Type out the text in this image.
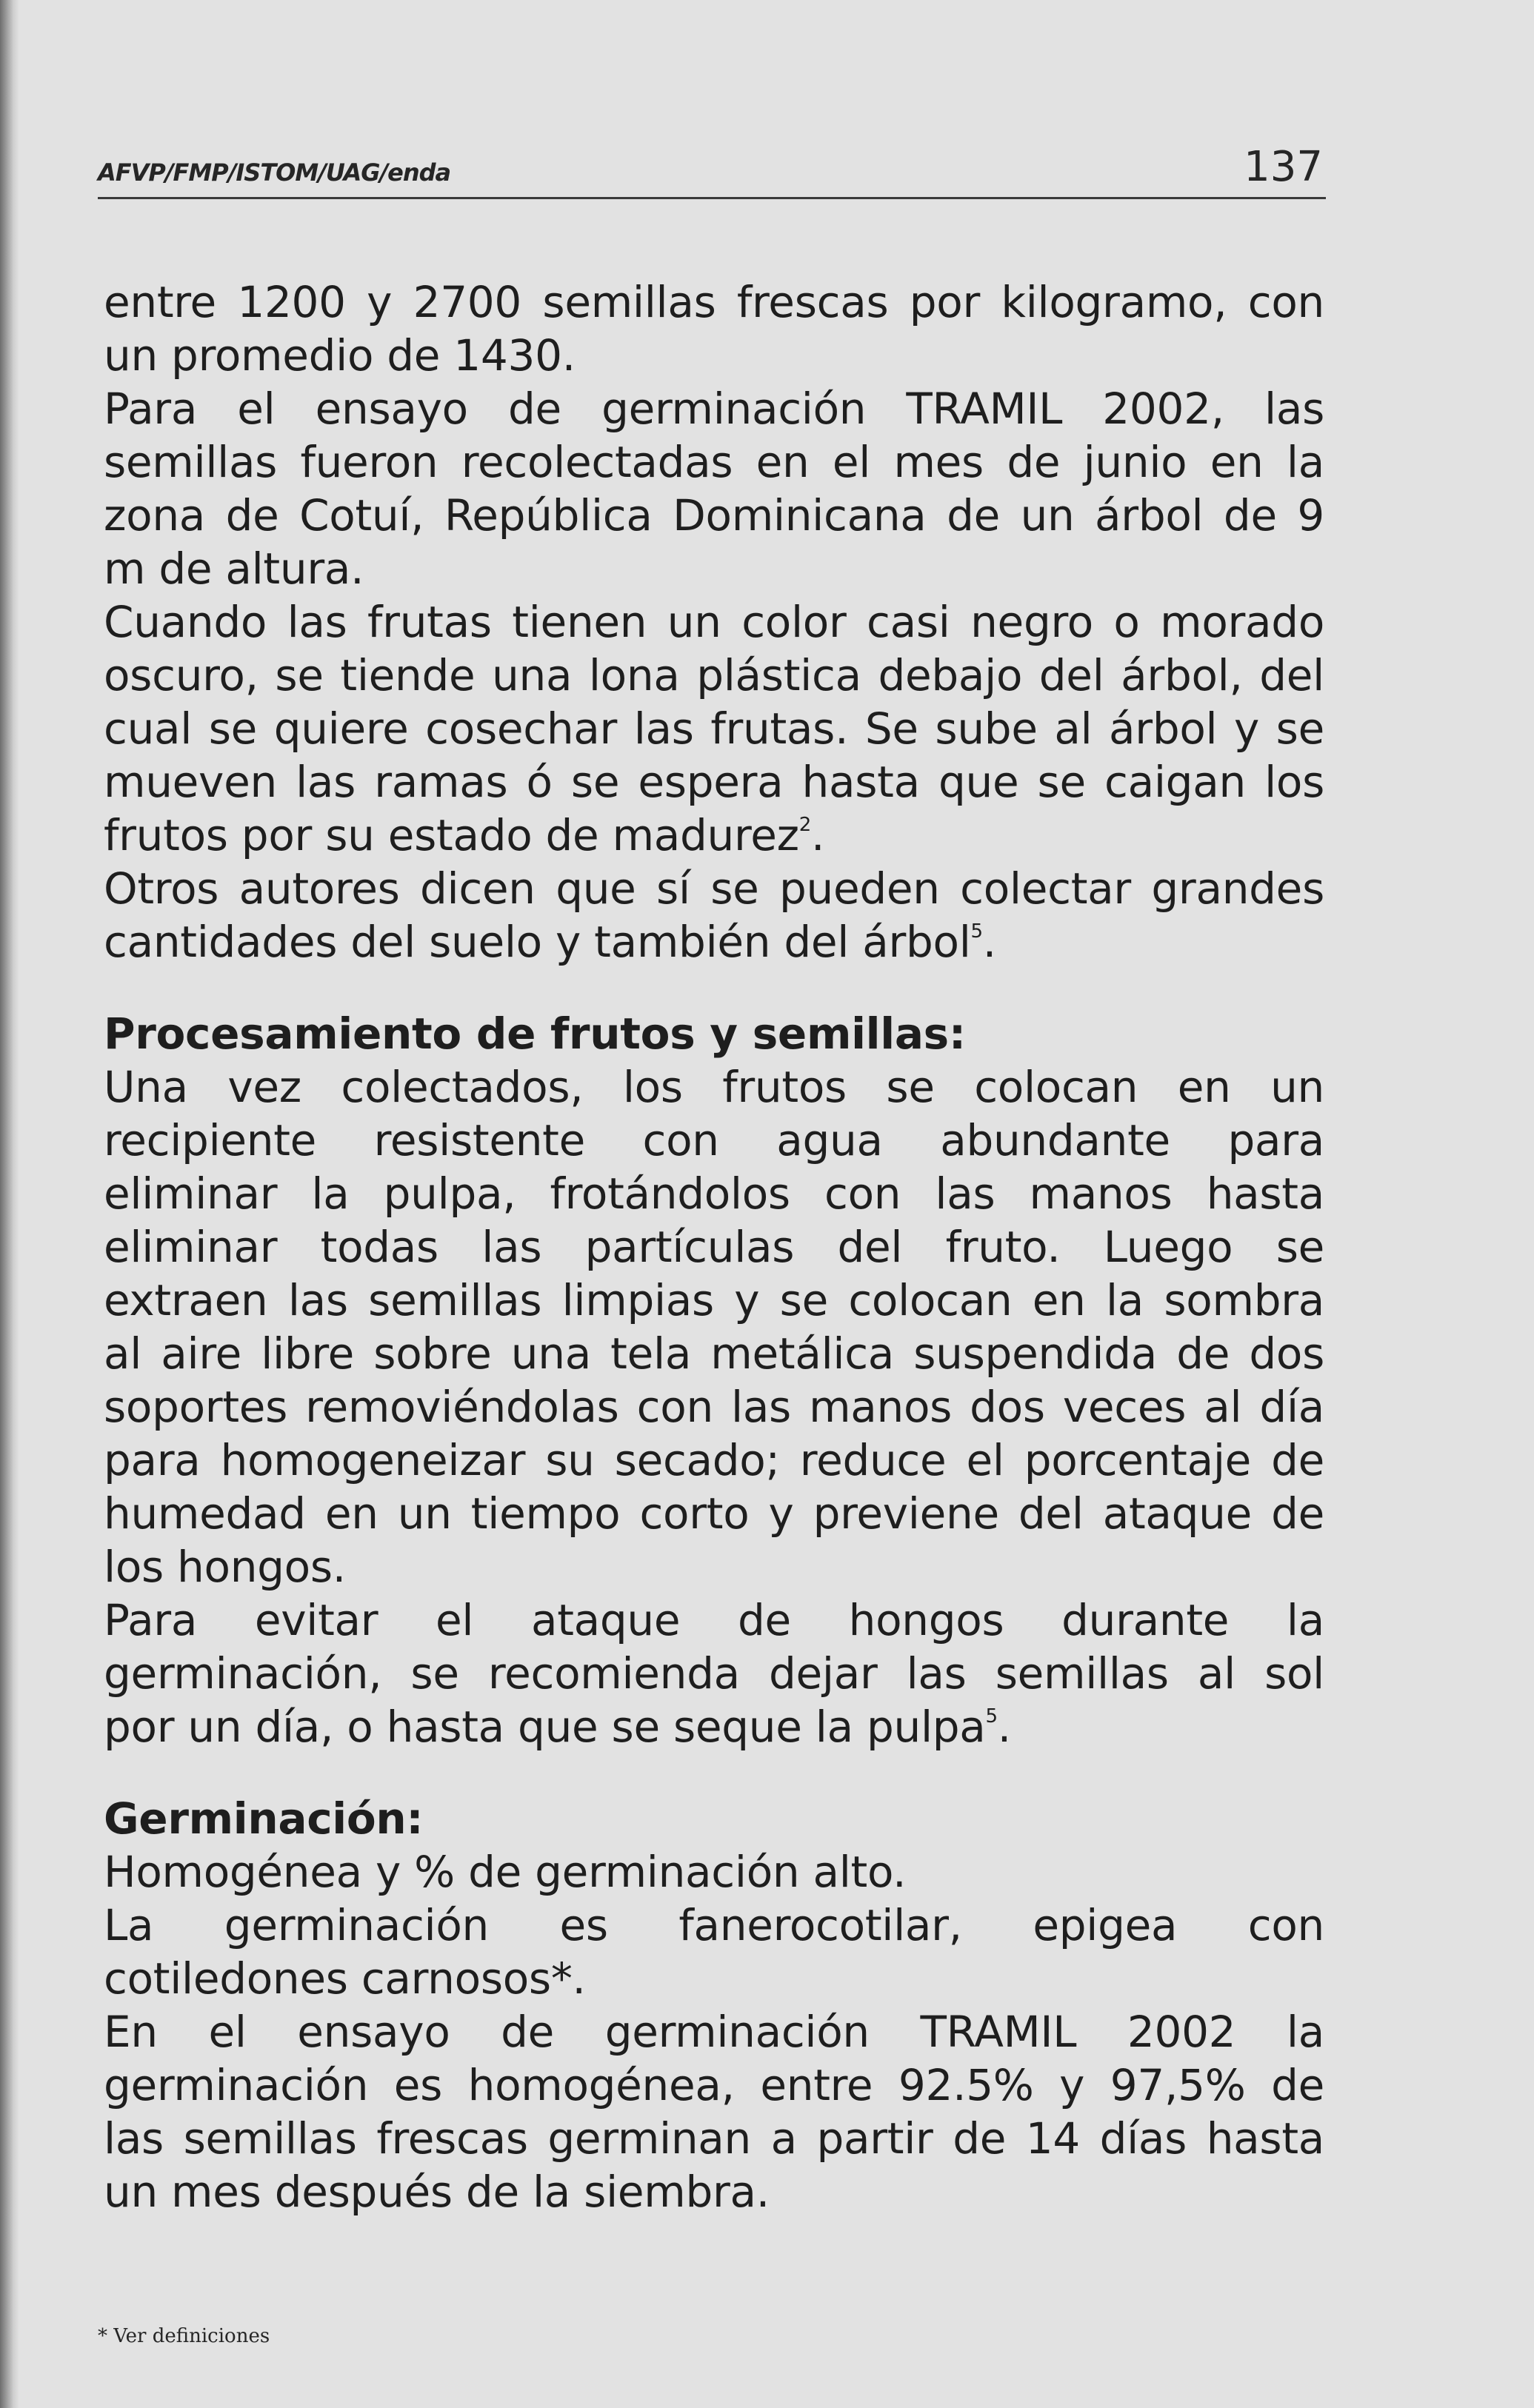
AFVP/FMP/ISTOM/UAG/enda	137

entre 1200 y 2700 semillas frescas por kilogramo, con

un promedio de 1430.

Para el ensayo de germinación TRAMIL 2002, las

semillas fueron recolectadas en el mes de junio en la

zona de Cotuí, República Dominicana de un árbol de 9

m de altura.

Cuando las frutas tienen un color casi negro o morado

oscuro, se tiende una lona plástica debajo del árbol, del

cual se quiere cosechar las frutas. Se sube al árbol y se

mueven las ramas ó se espera hasta que se caigan los

frutos por su estado de madurez$^2$.

Otros autores dicen que sí se pueden colectar grandes

cantidades del suelo y también del árbol$^5$.

Procesamiento de frutos y semillas:

Una vez colectados, los frutos se colocan en un

recipiente resistente con agua abundante para

eliminar la pulpa, frotándolos con las manos hasta

eliminar todas las partículas del fruto. Luego se

extraen las semillas limpias y se colocan en la sombra

al aire libre sobre una tela metálica suspendida de dos

soportes removiéndolas con las manos dos veces al día

para homogeneizar su secado; reduce el porcentaje de

humedad en un tiempo corto y previene del ataque de

los hongos.

Para evitar el ataque de hongos durante la

germinación, se recomienda dejar las semillas al sol

por un día, o hasta que se seque la pulpa$^5$.

Germinación:

Homogénea y % de germinación alto.

La germinación es fanerocotilar, epigea con

cotiledones carnosos*.

En el ensayo de germinación TRAMIL 2002 la

germinación es homogénea, entre 92.5% y 97,5% de

las semillas frescas germinan a partir de 14 días hasta

un mes después de la siembra.

* Ver definiciones
